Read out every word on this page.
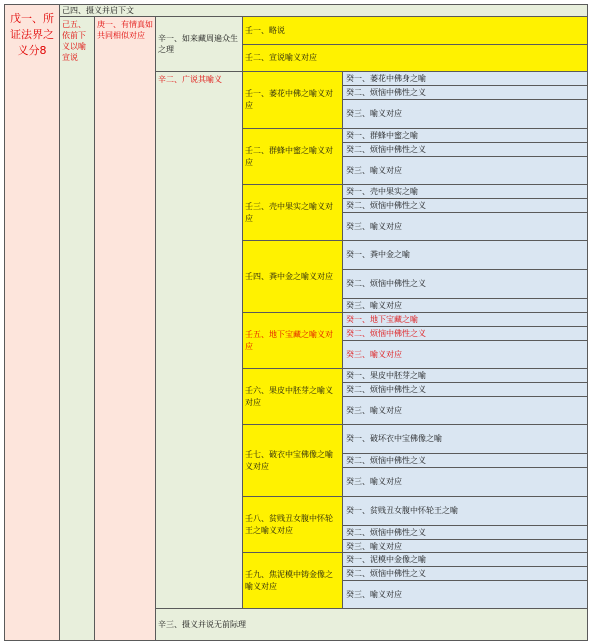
戊一、所证法界之义分8
己四、摄义并启下文
己五、依前下义以喻宣说
庚一、有情真如共同相似对应	辛一、如来藏周遍众生之理
壬一、略说
壬二、宣说喻义对应
辛二、广说其喻义
辛三、摄义并说无前际理
壬一、萎花中佛之喻义对应
癸一、萎花中佛身之喻
癸二、烦恼中佛性之义
癸三、喻义对应
壬二、群蜂中蜜之喻义对应
癸一、群蜂中蜜之喻
癸二、烦恼中佛性之义
癸三、喻义对应
壬三、壳中果实之喻义对应
癸一、壳中果实之喻
癸二、烦恼中佛性之义
癸三、喻义对应
壬四、粪中金之喻义对应
癸一、粪中金之喻
癸二、烦恼中佛性之义
癸三、喻义对应
壬五、地下宝藏之喻义对应
癸一、地下宝藏之喻
癸二、烦恼中佛性之义
癸三、喻义对应
壬六、果皮中胚芽之喻义对应
癸一、果皮中胚芽之喻
癸二、烦恼中佛性之义
癸三、喻义对应
壬七、破衣中宝佛像之喻义对应
癸一、破坏衣中宝佛像之喻
癸二、烦恼中佛性之义
癸三、喻义对应
壬八、贫贱丑女腹中怀轮王之喻义对应
癸一、贫贱丑女腹中怀轮王之喻
癸二、烦恼中佛性之义
癸三、喻义对应
壬九、焦泥模中铸金像之喻义对应
癸一、泥模中金像之喻
癸二、烦恼中佛性之义
癸三、喻义对应
